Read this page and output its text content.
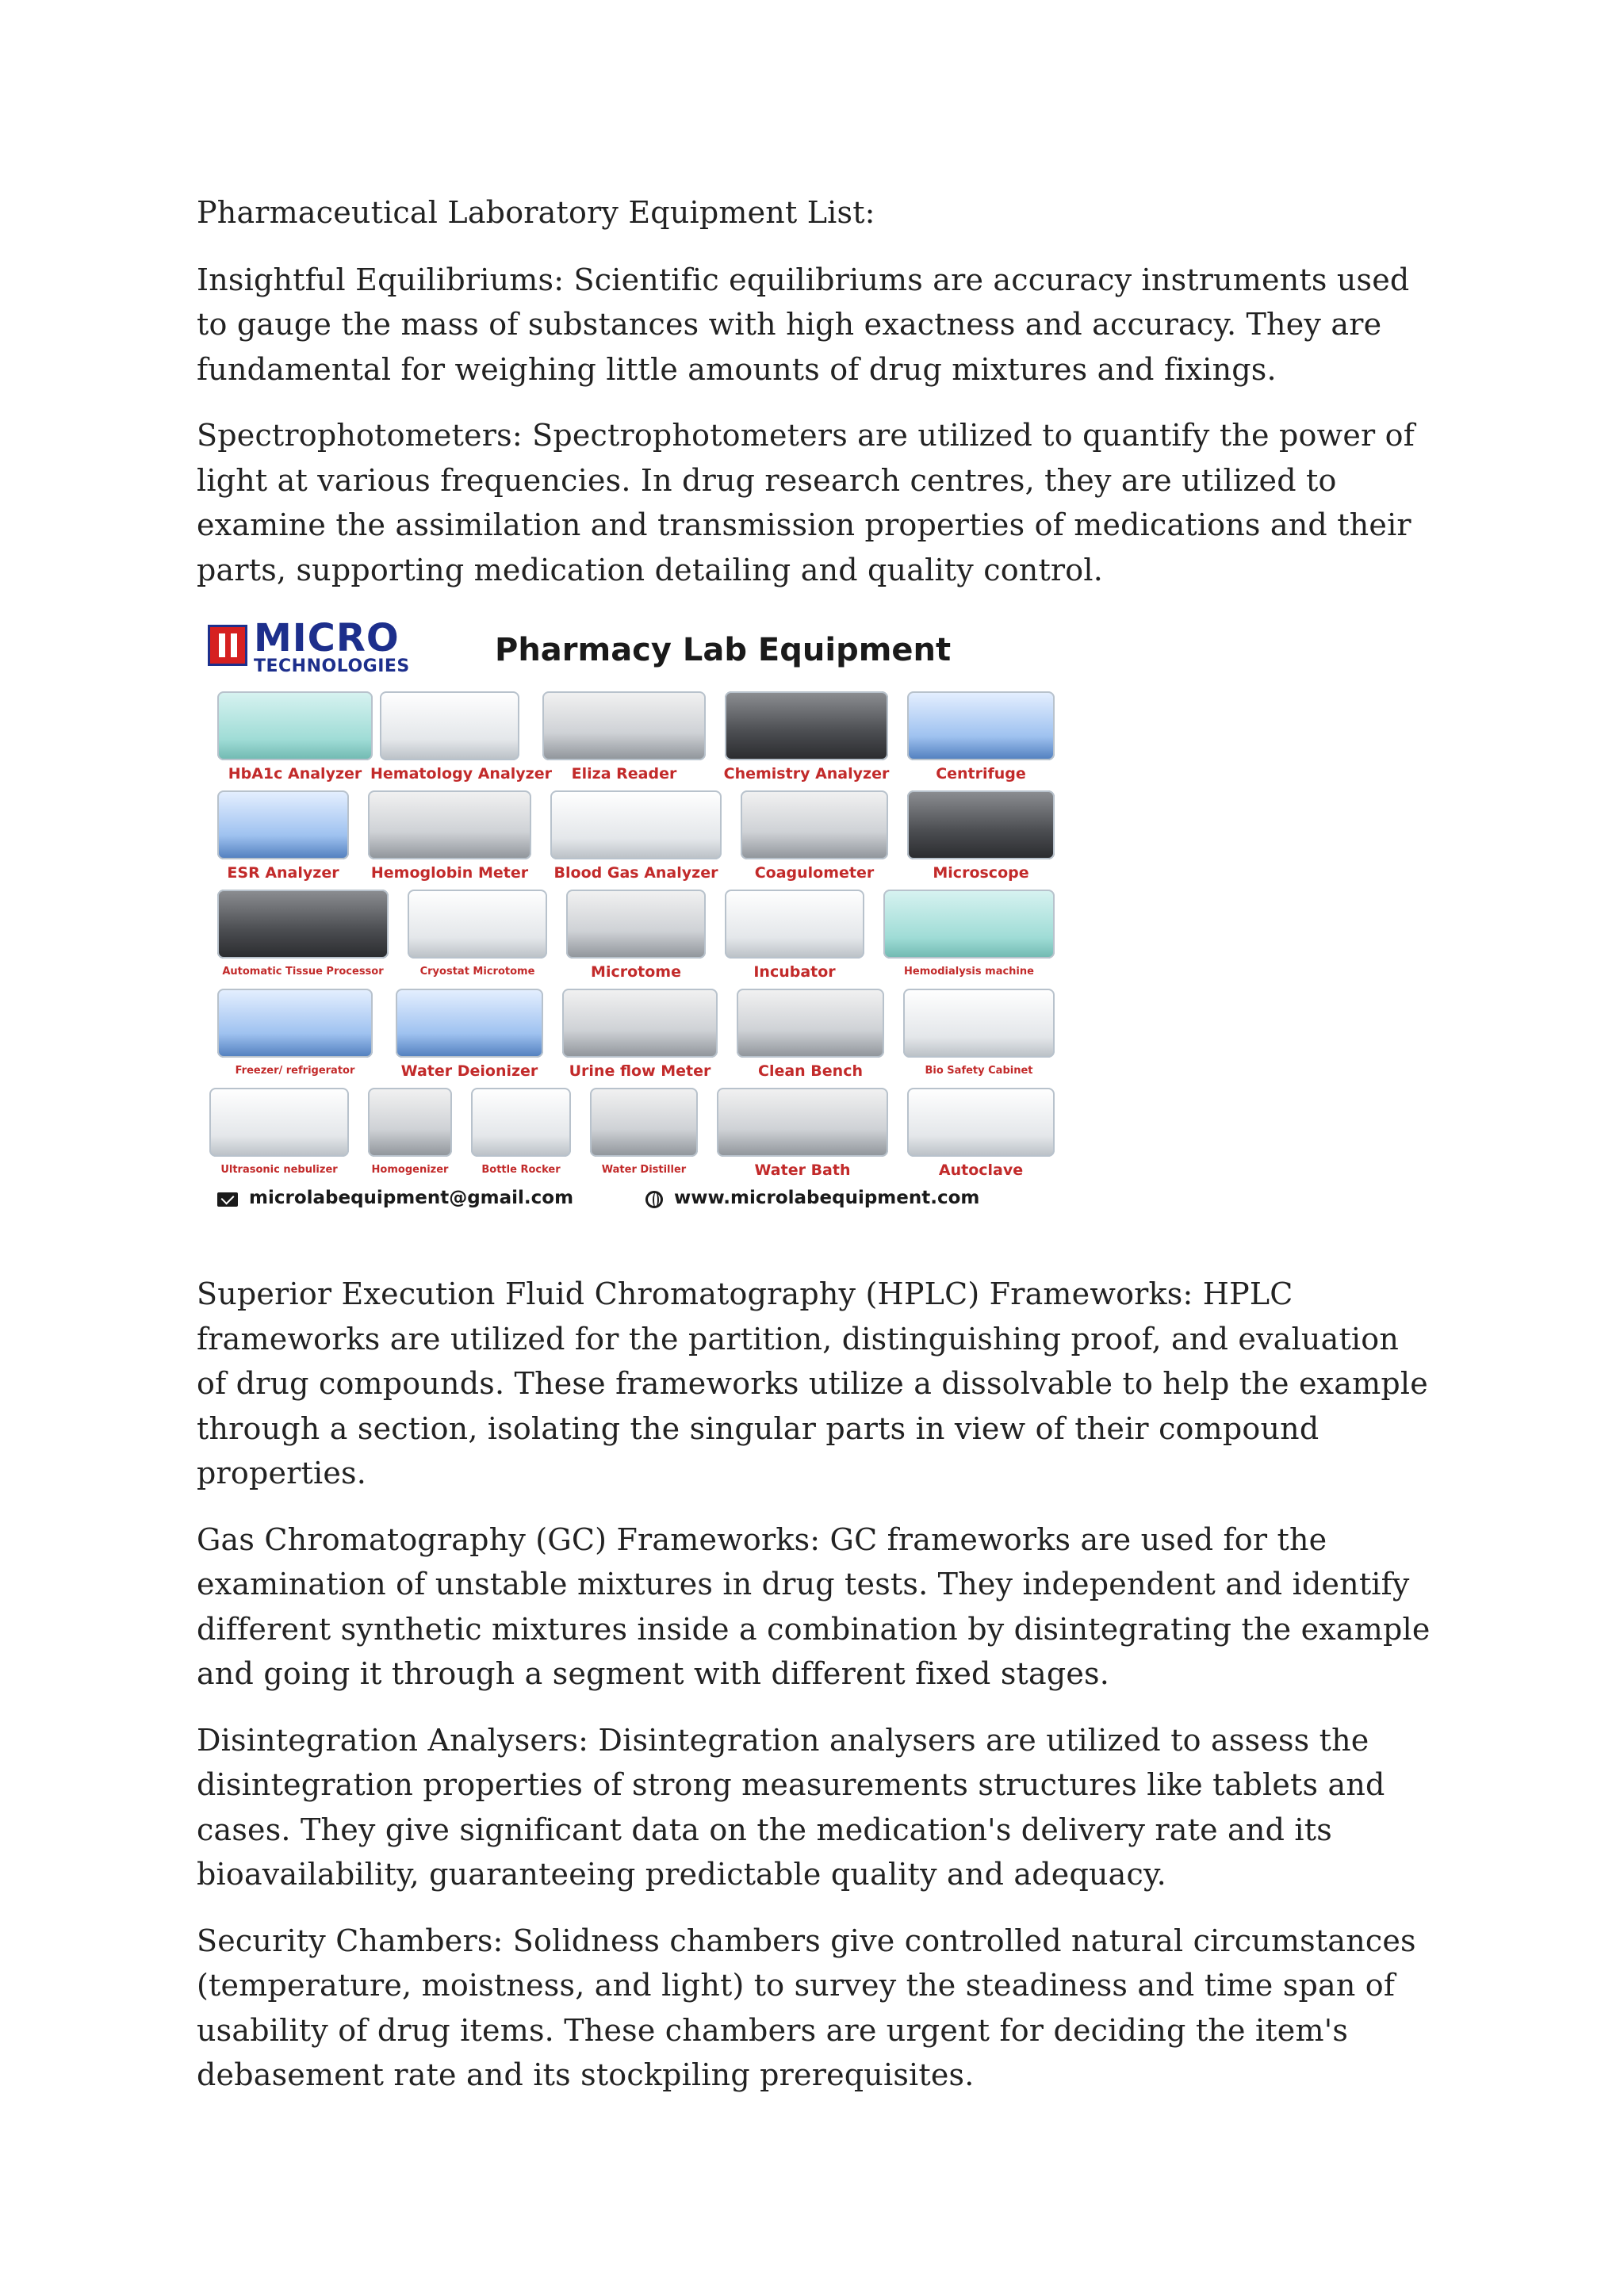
Pharmaceutical Laboratory Equipment List:

Insightful Equilibriums: Scientific equilibriums are accuracy instruments used to gauge the mass of substances with high exactness and accuracy. They are fundamental for weighing little amounts of drug mixtures and fixings.

Spectrophotometers: Spectrophotometers are utilized to quantify the power of light at various frequencies. In drug research centres, they are utilized to examine the assimilation and transmission properties of medications and their parts, supporting medication detailing and quality control.

MICRO
TECHNOLOGIES	Pharmacy Lab Equipment
HbA1c Analyzer Hematology Analyzer	Eliza Reader	Chemistry Analyzer	Centrifuge
ESR Analyzer	Hemoglobin Meter	Blood Gas Analyzer	Coagulometer	Microscope
Automatic Tissue Processor	Cryostat Microtome	Microtome	Incubator	Hemodialysis machine
Freezer/ refrigerator	Water Deionizer	Urine flow Meter	Clean Bench	Bio Safety Cabinet
Ultrasonic nebulizer	Homogenizer	Bottle Rocker	Water Distiller	Water Bath	Autoclave
microlabequipment@gmail.com	www.microlabequipment.com

Superior Execution Fluid Chromatography (HPLC) Frameworks: HPLC frameworks are utilized for the partition, distinguishing proof, and evaluation of drug compounds. These frameworks utilize a dissolvable to help the example through a section, isolating the singular parts in view of their compound properties.

Gas Chromatography (GC) Frameworks: GC frameworks are used for the examination of unstable mixtures in drug tests. They independent and identify different synthetic mixtures inside a combination by disintegrating the example and going it through a segment with different fixed stages.

Disintegration Analysers: Disintegration analysers are utilized to assess the disintegration properties of strong measurements structures like tablets and cases. They give significant data on the medication's delivery rate and its bioavailability, guaranteeing predictable quality and adequacy.

Security Chambers: Solidness chambers give controlled natural circumstances (temperature, moistness, and light) to survey the steadiness and time span of usability of drug items. These chambers are urgent for deciding the item's debasement rate and its stockpiling prerequisites.
